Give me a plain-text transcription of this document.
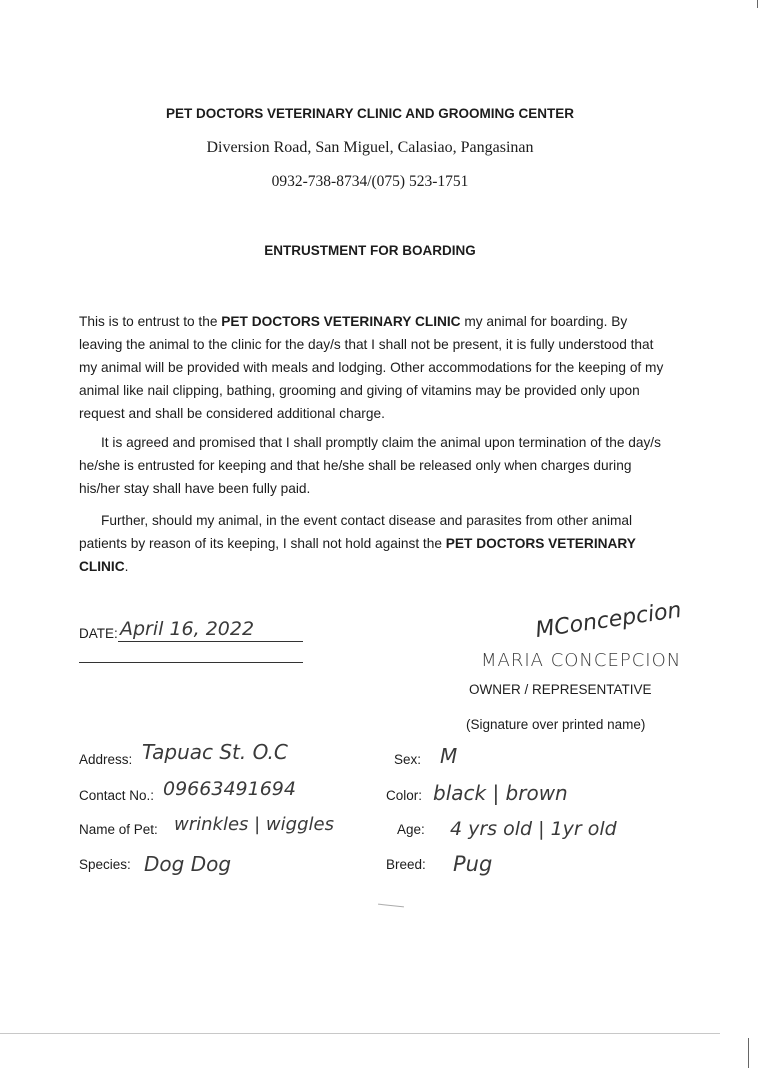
PET DOCTORS VETERINARY CLINIC AND GROOMING CENTER
Diversion Road, San Miguel, Calasiao, Pangasinan
0932-738-8734/(075) 523-1751
ENTRUSTMENT FOR BOARDING
This is to entrust to the PET DOCTORS VETERINARY CLINIC my animal for boarding. By leaving the animal to the clinic for the day/s that I shall not be present, it is fully understood that my animal will be provided with meals and lodging. Other accommodations for the keeping of my animal like nail clipping, bathing, grooming and giving of vitamins may be provided only upon request and shall be considered additional charge.
It is agreed and promised that I shall promptly claim the animal upon termination of the day/s he/she is entrusted for keeping and that he/she shall be released only when charges during his/her stay shall have been fully paid.
Further, should my animal, in the event contact disease and parasites from other animal patients by reason of its keeping, I shall not hold against the PET DOCTORS VETERINARY CLINIC.
DATE: April 16, 2022	MConcepcion
MARIA CONCEPCION
OWNER / REPRESENTATIVE
(Signature over printed name)
Address: Tapuac St. O.C
Contact No.: 09663491694
Name of Pet: wrinkles | wiggles
Species: Dog Dog
Sex: M
Color: black | brown
Age: 4 yrs old | 1yr old
Breed: Pug
